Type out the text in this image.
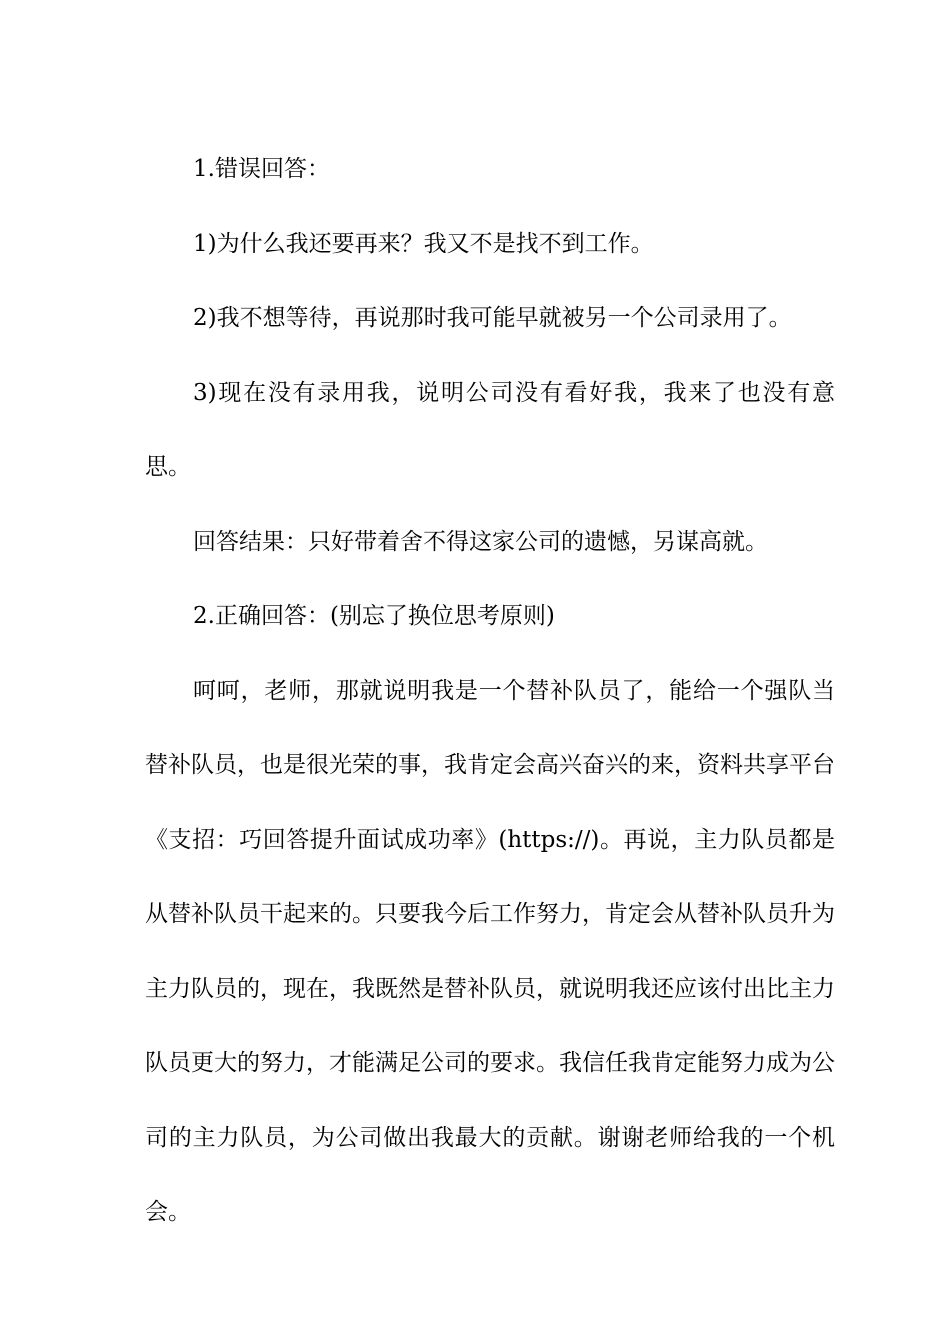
1.错误回答：

1)为什么我还要再来？我又不是找不到工作。

2)我不想等待，再说那时我可能早就被另一个公司录用了。

3)现在没有录用我，说明公司没有看好我，我来了也没有意思。

回答结果：只好带着舍不得这家公司的遗憾，另谋高就。

2.正确回答：(别忘了换位思考原则)

呵呵，老师，那就说明我是一个替补队员了，能给一个强队当替补队员，也是很光荣的事，我肯定会高兴奋兴的来，资料共享平台《支招：巧回答提升面试成功率》(https://)。再说，主力队员都是从替补队员干起来的。只要我今后工作努力，肯定会从替补队员升为主力队员的，现在，我既然是替补队员，就说明我还应该付出比主力队员更大的努力，才能满足公司的要求。我信任我肯定能努力成为公司的主力队员，为公司做出我最大的贡献。谢谢老师给我的一个机会。
